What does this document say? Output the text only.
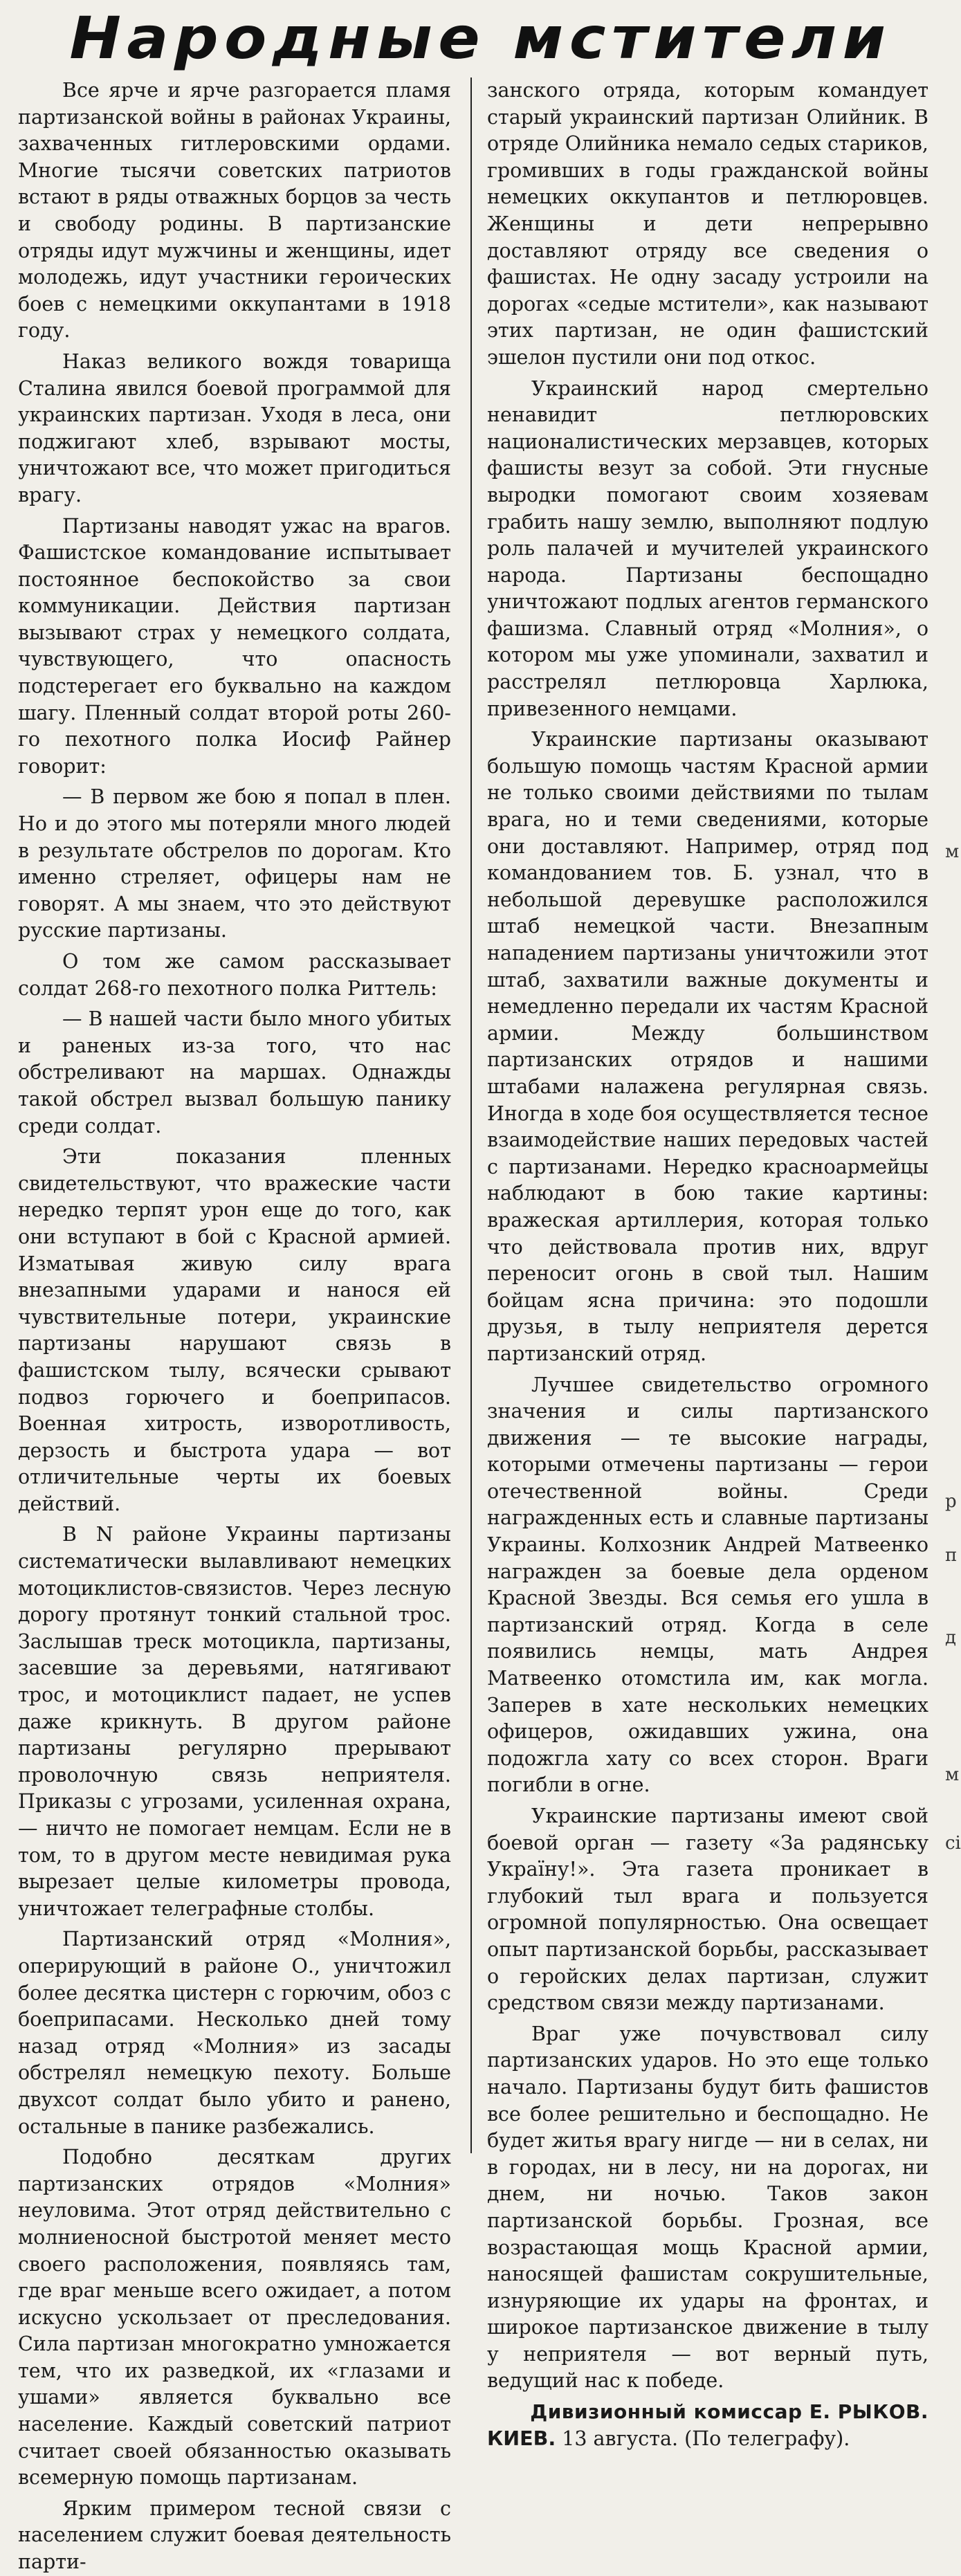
Народные мстители

Все ярче и ярче разгорается пламя партизанской войны в районах Украины, захваченных гитлеровскими ордами. Многие тысячи советских патриотов встают в ряды отважных борцов за честь и свободу родины. В партизанские отряды идут мужчины и женщины, идет молодежь, идут участники героических боев с немецкими оккупантами в 1918 году.

Наказ великого вождя товарища Сталина явился боевой программой для украинских партизан. Уходя в леса, они поджигают хлеб, взрывают мосты, уничтожают все, что может пригодиться врагу.

Партизаны наводят ужас на врагов. Фашистское командование испытывает постоянное беспокойство за свои коммуникации. Действия партизан вызывают страх у немецкого солдата, чувствующего, что опасность подстерегает его буквально на каждом шагу. Пленный солдат второй роты 260-го пехотного полка Иосиф Райнер говорит:

— В первом же бою я попал в плен. Но и до этого мы потеряли много людей в результате обстрелов по дорогам. Кто именно стреляет, офицеры нам не говорят. А мы знаем, что это действуют русские партизаны.

О том же самом рассказывает солдат 268-го пехотного полка Риттель:

— В нашей части было много убитых и раненых из-за того, что нас обстреливают на маршах. Однажды такой обстрел вызвал большую панику среди солдат.

Эти показания пленных свидетельствуют, что вражеские части нередко терпят урон еще до того, как они вступают в бой с Красной армией. Изматывая живую силу врага внезапными ударами и нанося ей чувствительные потери, украинские партизаны нарушают связь в фашистском тылу, всячески срывают подвоз горючего и боеприпасов. Военная хитрость, изворотливость, дерзость и быстрота удара — вот отличительные черты их боевых действий.

В N районе Украины партизаны систематически вылавливают немецких мотоциклистов-связистов. Через лесную дорогу протянут тонкий стальной трос. Заслышав треск мотоцикла, партизаны, засевшие за деревьями, натягивают трос, и мотоциклист падает, не успев даже крикнуть. В другом районе партизаны регулярно прерывают проволочную связь неприятеля. Приказы с угрозами, усиленная охрана, — ничто не помогает немцам. Если не в том, то в другом месте невидимая рука вырезает целые километры провода, уничтожает телеграфные столбы.

Партизанский отряд «Молния», оперирующий в районе О., уничтожил более десятка цистерн с горючим, обоз с боеприпасами. Несколько дней тому назад отряд «Молния» из засады обстрелял немецкую пехоту. Больше двухсот солдат было убито и ранено, остальные в панике разбежались.

Подобно десяткам других партизанских отрядов «Молния» неуловима. Этот отряд действительно с молниеносной быстротой меняет место своего расположения, появляясь там, где враг меньше всего ожидает, а потом искусно ускользает от преследования. Сила партизан многократно умножается тем, что их разведкой, их «глазами и ушами» является буквально все население. Каждый советский патриот считает своей обязанностью оказывать всемерную помощь партизанам.

Ярким примером тесной связи с населением служит боевая деятельность парти-

занского отряда, которым командует старый украинский партизан Олийник. В отряде Олийника немало седых стариков, громивших в годы гражданской войны немецких оккупантов и петлюровцев. Женщины и дети непрерывно доставляют отряду все сведения о фашистах. Не одну засаду устроили на дорогах «седые мстители», как называют этих партизан, не один фашистский эшелон пустили они под откос.

Украинский народ смертельно ненавидит петлюровских националистических мерзавцев, которых фашисты везут за собой. Эти гнусные выродки помогают своим хозяевам грабить нашу землю, выполняют подлую роль палачей и мучителей украинского народа. Партизаны беспощадно уничтожают подлых агентов германского фашизма. Славный отряд «Молния», о котором мы уже упоминали, захватил и расстрелял петлюровца Харлюка, привезенного немцами.

Украинские партизаны оказывают большую помощь частям Красной армии не только своими действиями по тылам врага, но и теми сведениями, которые они доставляют. Например, отряд под командованием тов. Б. узнал, что в небольшой деревушке расположился штаб немецкой части. Внезапным нападением партизаны уничтожили этот штаб, захватили важные документы и немедленно передали их частям Красной армии. Между большинством партизанских отрядов и нашими штабами налажена регулярная связь. Иногда в ходе боя осуществляется тесное взаимодействие наших передовых частей с партизанами. Нередко красноармейцы наблюдают в бою такие картины: вражеская артиллерия, которая только что действовала против них, вдруг переносит огонь в свой тыл. Нашим бойцам ясна причина: это подошли друзья, в тылу неприятеля дерется партизанский отряд.

Лучшее свидетельство огромного значения и силы партизанского движения — те высокие награды, которыми отмечены партизаны — герои отечественной войны. Среди награжденных есть и славные партизаны Украины. Колхозник Андрей Матвеенко награжден за боевые дела орденом Красной Звезды. Вся семья его ушла в партизанский отряд. Когда в селе появились немцы, мать Андрея Матвеенко отомстила им, как могла. Заперев в хате нескольких немецких офицеров, ожидавших ужина, она подожгла хату со всех сторон. Враги погибли в огне.

Украинские партизаны имеют свой боевой орган — газету «За радянську Украïну!». Эта газета проникает в глубокий тыл врага и пользуется огромной популярностью. Она освещает опыт партизанской борьбы, рассказывает о геройских делах партизан, служит средством связи между партизанами.

Враг уже почувствовал силу партизанских ударов. Но это еще только начало. Партизаны будут бить фашистов все более решительно и беспощадно. Не будет житья врагу нигде — ни в селах, ни в городах, ни в лесу, ни на дорогах, ни днем, ни ночью. Таков закон партизанской борьбы. Грозная, все возрастающая мощь Красной армии, наносящей фашистам сокрушительные, изнуряющие их удары на фронтах, и широкое партизанское движение в тылу у неприятеля — вот верный путь, ведущий нас к победе.

Дивизионный комиссар Е. РЫКОВ.

КИЕВ. 13 августа. (По телеграфу).

м
р
п
д
м
сі
